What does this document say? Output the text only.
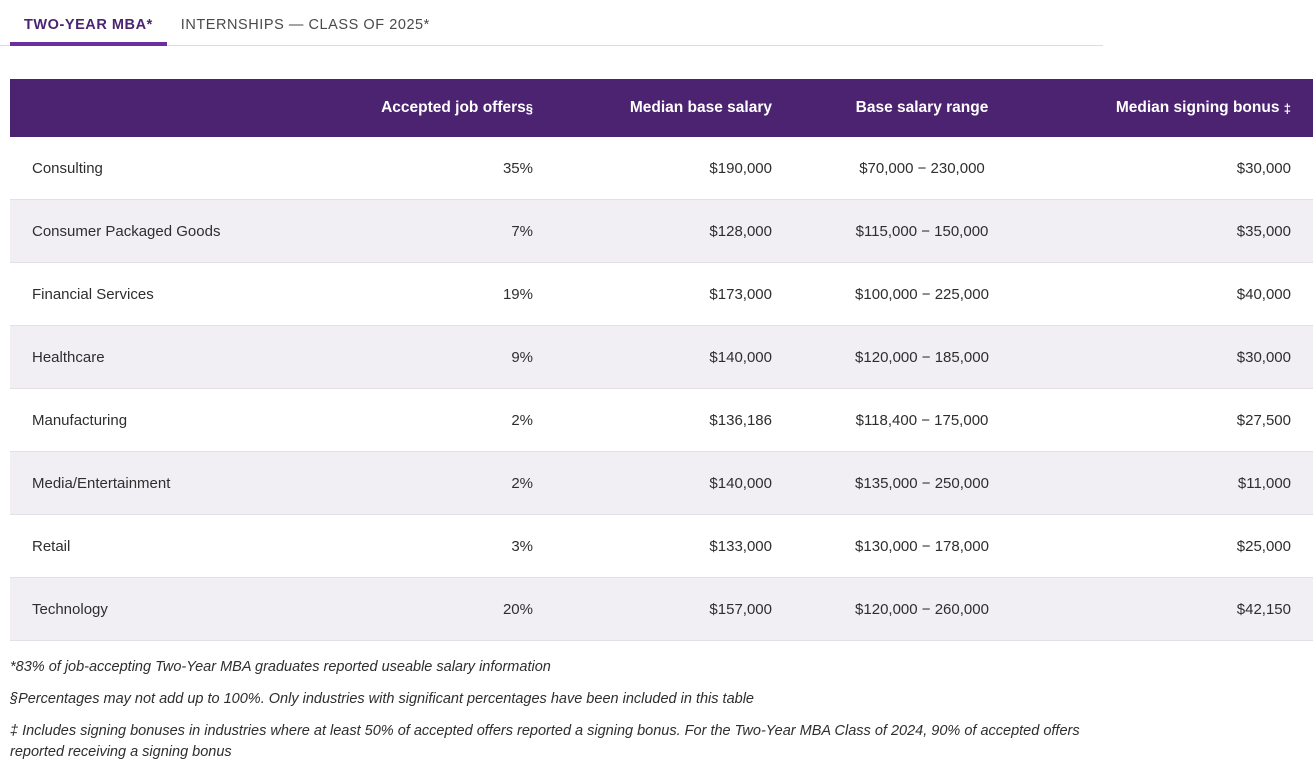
TWO-YEAR MBA*	INTERNSHIPS — CLASS OF 2025*
	Accepted job offers§	Median base salary	Base salary range	Median signing bonus ‡
Consulting	35%	$190,000	$70,000 − 230,000	$30,000
Consumer Packaged Goods	7%	$128,000	$115,000 − 150,000	$35,000
Financial Services	19%	$173,000	$100,000 − 225,000	$40,000
Healthcare	9%	$140,000	$120,000 − 185,000	$30,000
Manufacturing	2%	$136,186	$118,400 − 175,000	$27,500
Media/Entertainment	2%	$140,000	$135,000 − 250,000	$11,000
Retail	3%	$133,000	$130,000 − 178,000	$25,000
Technology	20%	$157,000	$120,000 − 260,000	$42,150
*83% of job-accepting Two-Year MBA graduates reported useable salary information
§Percentages may not add up to 100%. Only industries with significant percentages have been included in this table
‡ Includes signing bonuses in industries where at least 50% of accepted offers reported a signing bonus. For the Two-Year MBA Class of 2024, 90% of accepted offers reported receiving a signing bonus
